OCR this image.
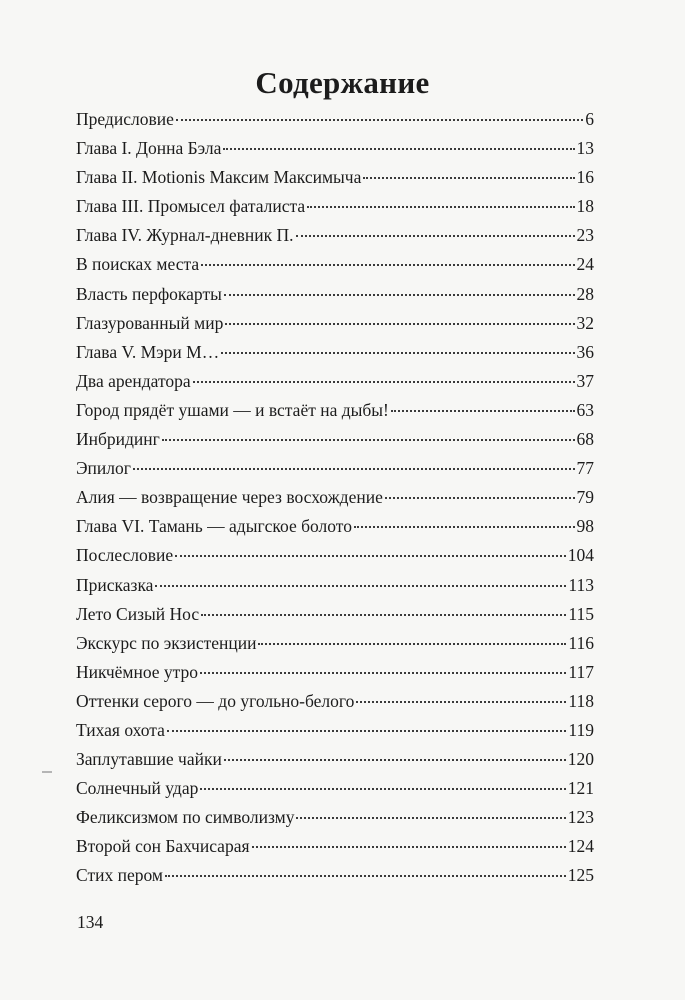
Содержание
Предисловие	6
Глава I. Донна Бэла	13
Глава II. Motionis Максим Максимыча	16
Глава III. Промысел фаталиста	18
Глава IV. Журнал-дневник П.	23
В поисках места	24
Власть перфокарты	28
Глазурованный мир	32
Глава V. Мэри М…	36
Два арендатора	37
Город прядёт ушами — и встаёт на дыбы!	63
Инбридинг	68
Эпилог	77
Алия — возвращение через восхождение	79
Глава VI. Тамань — адыгское болото	98
Послесловие	104
Присказка	113
Лето Сизый Нос	115
Экскурс по экзистенции	116
Никчёмное утро	117
Оттенки серого — до угольно-белого	118
Тихая охота	119
Заплутавшие чайки	120
Солнечный удар	121
Феликсизмом по символизму	123
Второй сон Бахчисарая	124
Стих пером	125
134
